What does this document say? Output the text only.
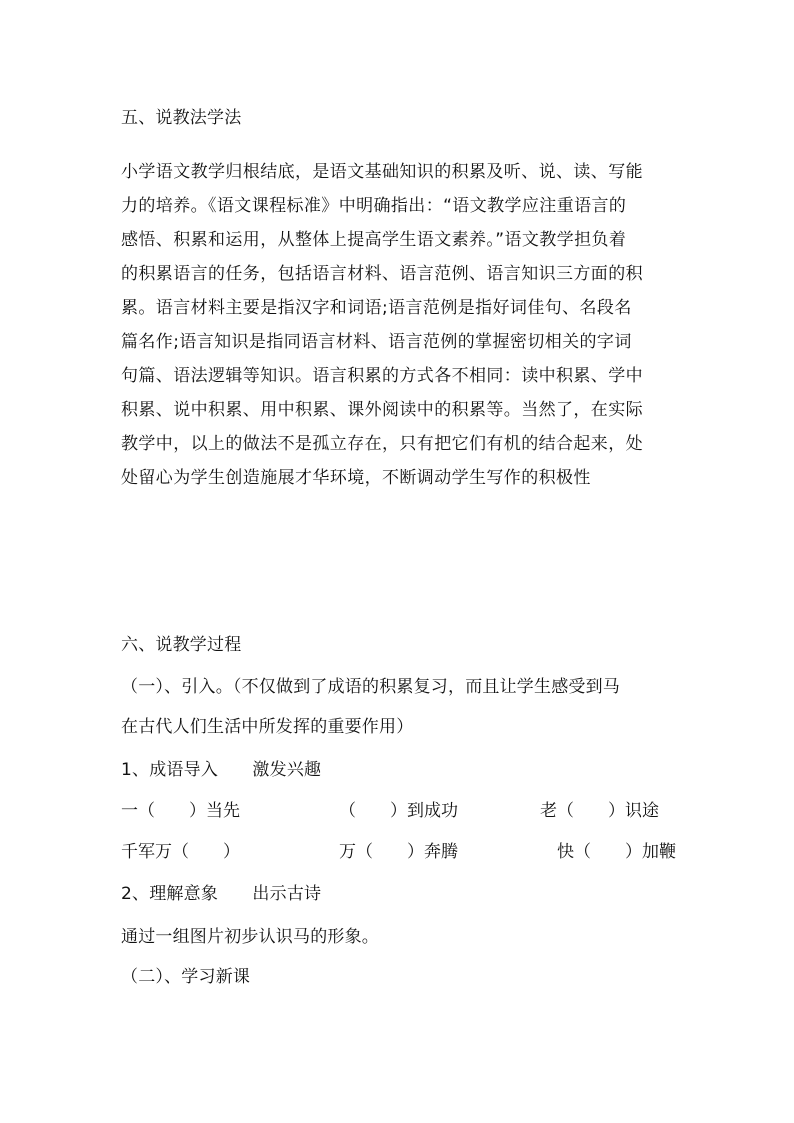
五、说教法学法
小学语文教学归根结底，是语文基础知识的积累及听、说、读、写能
力的培养。《语文课程标准》中明确指出：“语文教学应注重语言的
感悟、积累和运用，从整体上提高学生语文素养。”语文教学担负着
的积累语言的任务，包括语言材料、语言范例、语言知识三方面的积
累。语言材料主要是指汉字和词语;语言范例是指好词佳句、名段名
篇名作;语言知识是指同语言材料、语言范例的掌握密切相关的字词
句篇、语法逻辑等知识。语言积累的方式各不相同：读中积累、学中
积累、说中积累、用中积累、课外阅读中的积累等。当然了，在实际
教学中，以上的做法不是孤立存在，只有把它们有机的结合起来，处
处留心为学生创造施展才华环境，不断调动学生写作的积极性
六、说教学过程
（一）、引入。（不仅做到了成语的积累复习，而且让学生感受到马
在古代人们生活中所发挥的重要作用）
1、成语导入　　激发兴趣
一（　　）当先	（　　）到成功	老（　　）识途
千军万（　　）	万（　　）奔腾	快（　　）加鞭
2、理解意象　　出示古诗
通过一组图片初步认识马的形象。
（二）、学习新课
